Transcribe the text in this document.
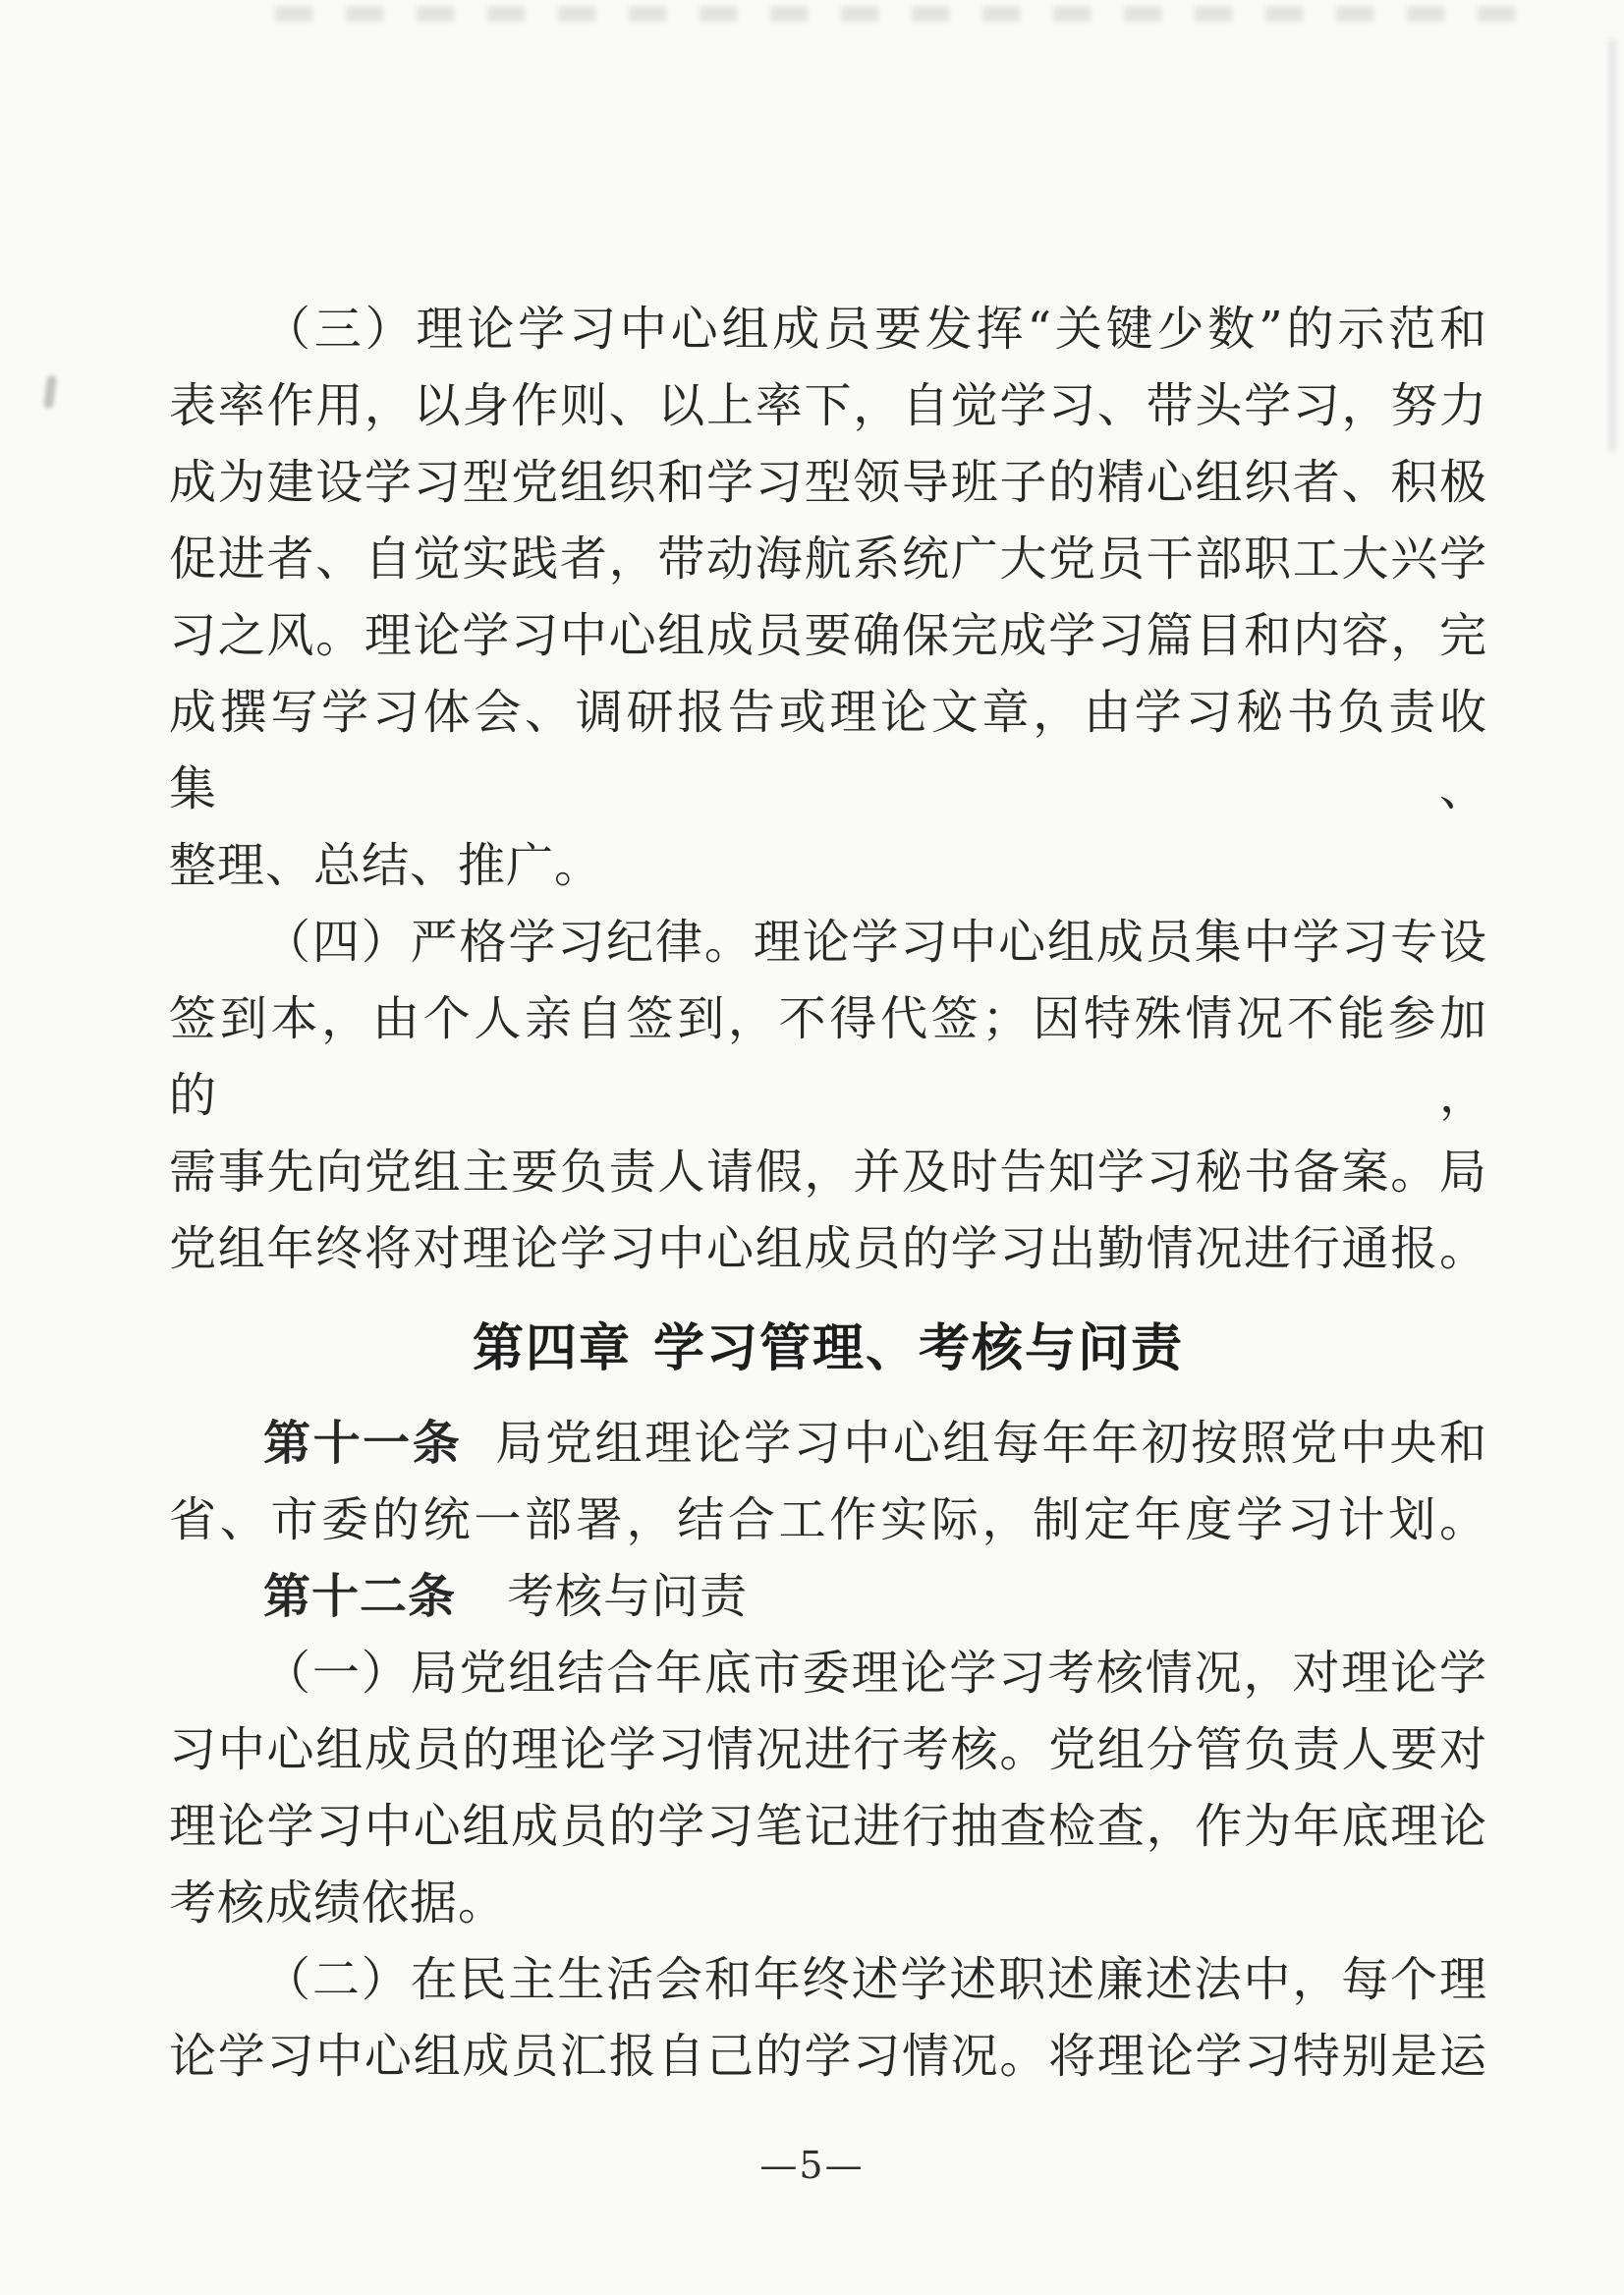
（三）理论学习中心组成员要发挥“关键少数”的示范和
表率作用，以身作则、以上率下，自觉学习、带头学习，努力
成为建设学习型党组织和学习型领导班子的精心组织者、积极
促进者、自觉实践者，带动海航系统广大党员干部职工大兴学
习之风。理论学习中心组成员要确保完成学习篇目和内容，完
成撰写学习体会、调研报告或理论文章，由学习秘书负责收集、
整理、总结、推广。
（四）严格学习纪律。理论学习中心组成员集中学习专设
签到本，由个人亲自签到，不得代签；因特殊情况不能参加的，
需事先向党组主要负责人请假，并及时告知学习秘书备案。局
党组年终将对理论学习中心组成员的学习出勤情况进行通报。
第四章 学习管理、考核与问责
第十一条 局党组理论学习中心组每年年初按照党中央和
省、市委的统一部署，结合工作实际，制定年度学习计划。
第十二条 考核与问责
（一）局党组结合年底市委理论学习考核情况，对理论学
习中心组成员的理论学习情况进行考核。党组分管负责人要对
理论学习中心组成员的学习笔记进行抽查检查，作为年底理论
考核成绩依据。
（二）在民主生活会和年终述学述职述廉述法中，每个理
论学习中心组成员汇报自己的学习情况。将理论学习特别是运
—5—
